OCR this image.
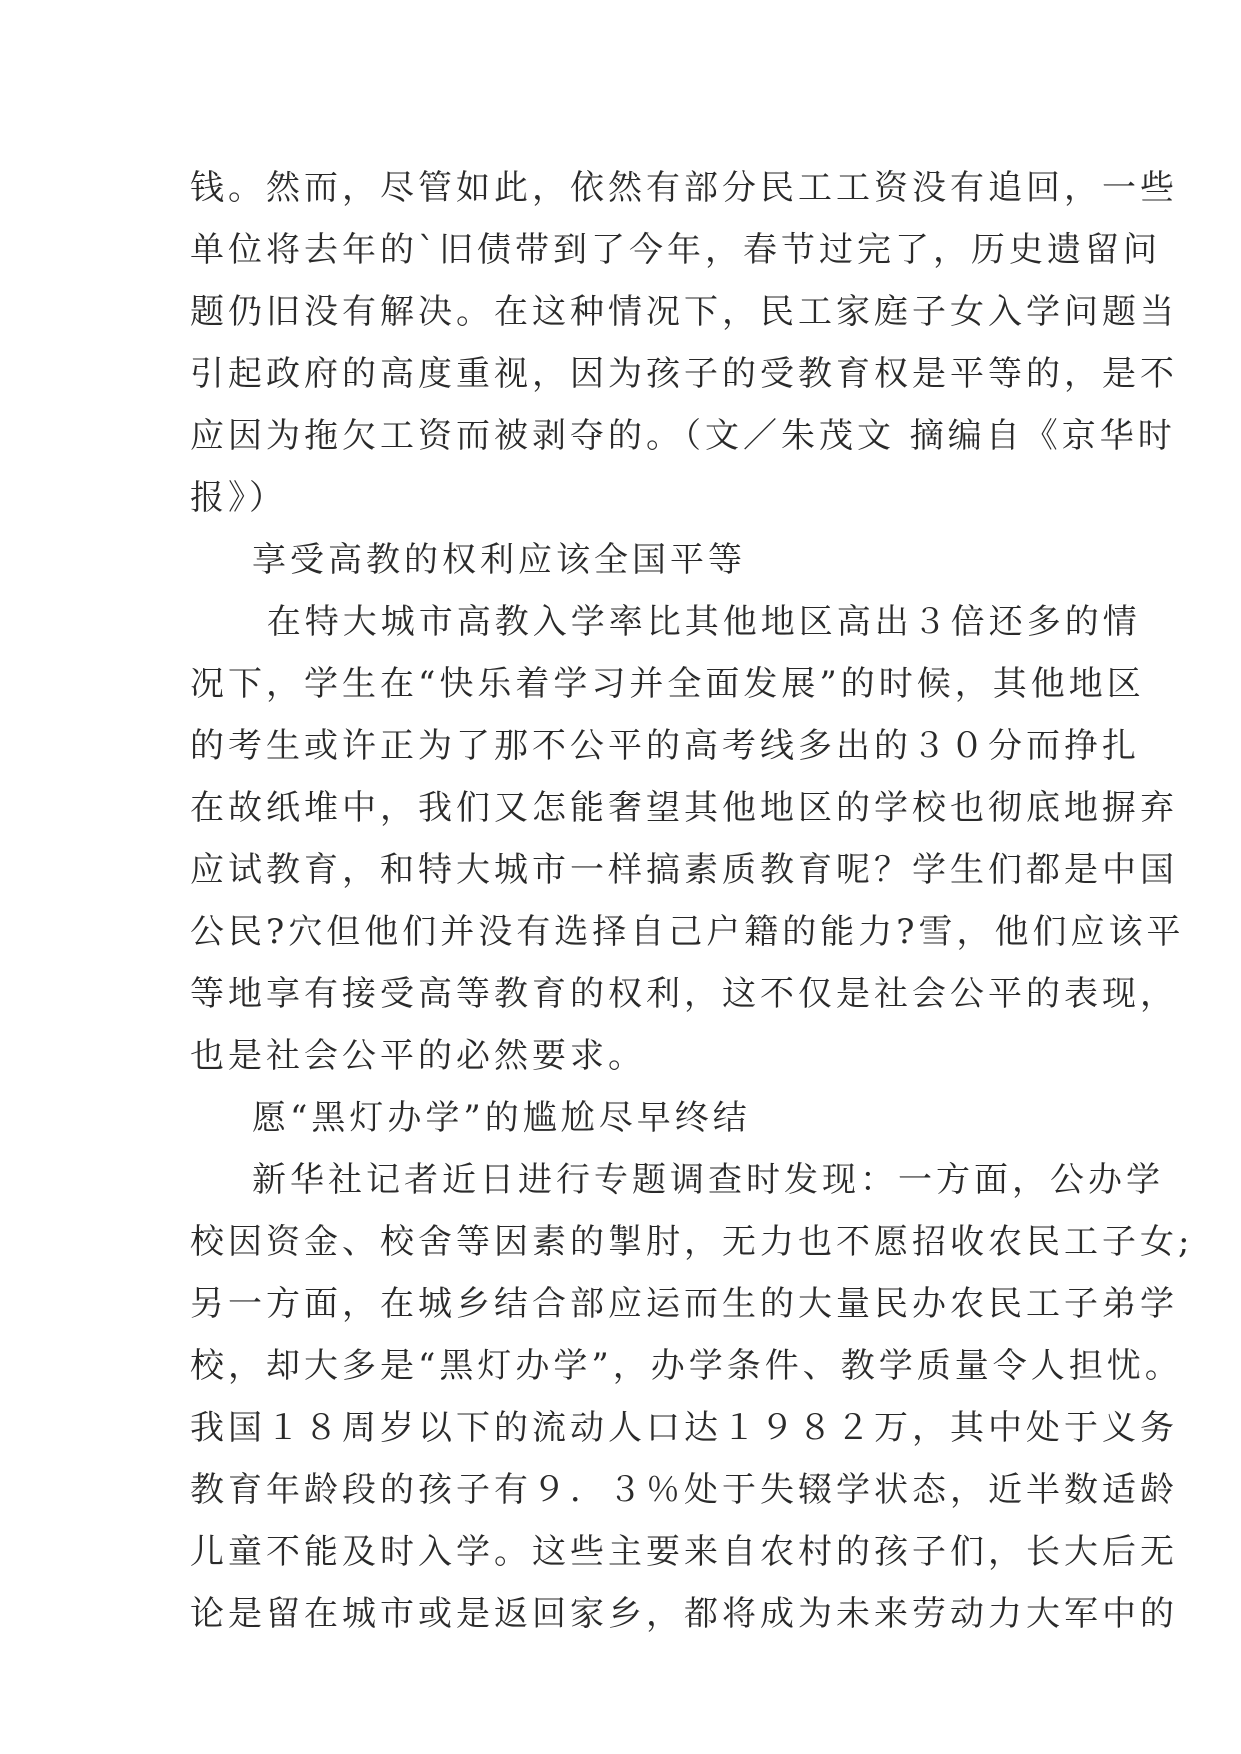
钱。然而，尽管如此，依然有部分民工工资没有追回，一些
单位将去年的`旧债带到了今年，春节过完了，历史遗留问
题仍旧没有解决。在这种情况下，民工家庭子女入学问题当
引起政府的高度重视，因为孩子的受教育权是平等的，是不
应因为拖欠工资而被剥夺的。（文／朱茂文 摘编自《京华时
报》）
享受高教的权利应该全国平等
在特大城市高教入学率比其他地区高出３倍还多的情
况下，学生在“快乐着学习并全面发展”的时候，其他地区
的考生或许正为了那不公平的高考线多出的３０分而挣扎
在故纸堆中，我们又怎能奢望其他地区的学校也彻底地摒弃
应试教育，和特大城市一样搞素质教育呢？学生们都是中国
公民?穴但他们并没有选择自己户籍的能力?雪，他们应该平
等地享有接受高等教育的权利，这不仅是社会公平的表现，
也是社会公平的必然要求。
愿“黑灯办学”的尴尬尽早终结
新华社记者近日进行专题调查时发现：一方面，公办学
校因资金、校舍等因素的掣肘，无力也不愿招收农民工子女;
另一方面，在城乡结合部应运而生的大量民办农民工子弟学
校，却大多是“黑灯办学”，办学条件、教学质量令人担忧。
我国１８周岁以下的流动人口达１９８２万，其中处于义务
教育年龄段的孩子有９．３％处于失辍学状态，近半数适龄
儿童不能及时入学。这些主要来自农村的孩子们，长大后无
论是留在城市或是返回家乡，都将成为未来劳动力大军中的
